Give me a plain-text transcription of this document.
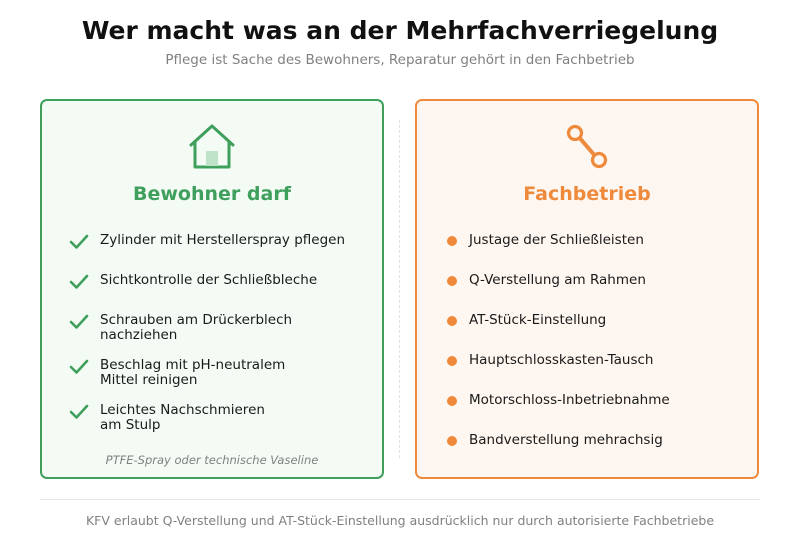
Wer macht was an der Mehrfachverriegelung
Pflege ist Sache des Bewohners, Reparatur gehört in den Fachbetrieb
Bewohner darf
Zylinder mit Herstellerspray pflegen
Sichtkontrolle der Schließbleche
Schrauben am Drückerblech
nachziehen
Beschlag mit pH-neutralem
Mittel reinigen
Leichtes Nachschmieren
am Stulp
PTFE-Spray oder technische Vaseline
Fachbetrieb
Justage der Schließleisten
Q-Verstellung am Rahmen
AT-Stück-Einstellung
Hauptschlosskasten-Tausch
Motorschloss-Inbetriebnahme
Bandverstellung mehrachsig
KFV erlaubt Q-Verstellung und AT-Stück-Einstellung ausdrücklich nur durch autorisierte Fachbetriebe
